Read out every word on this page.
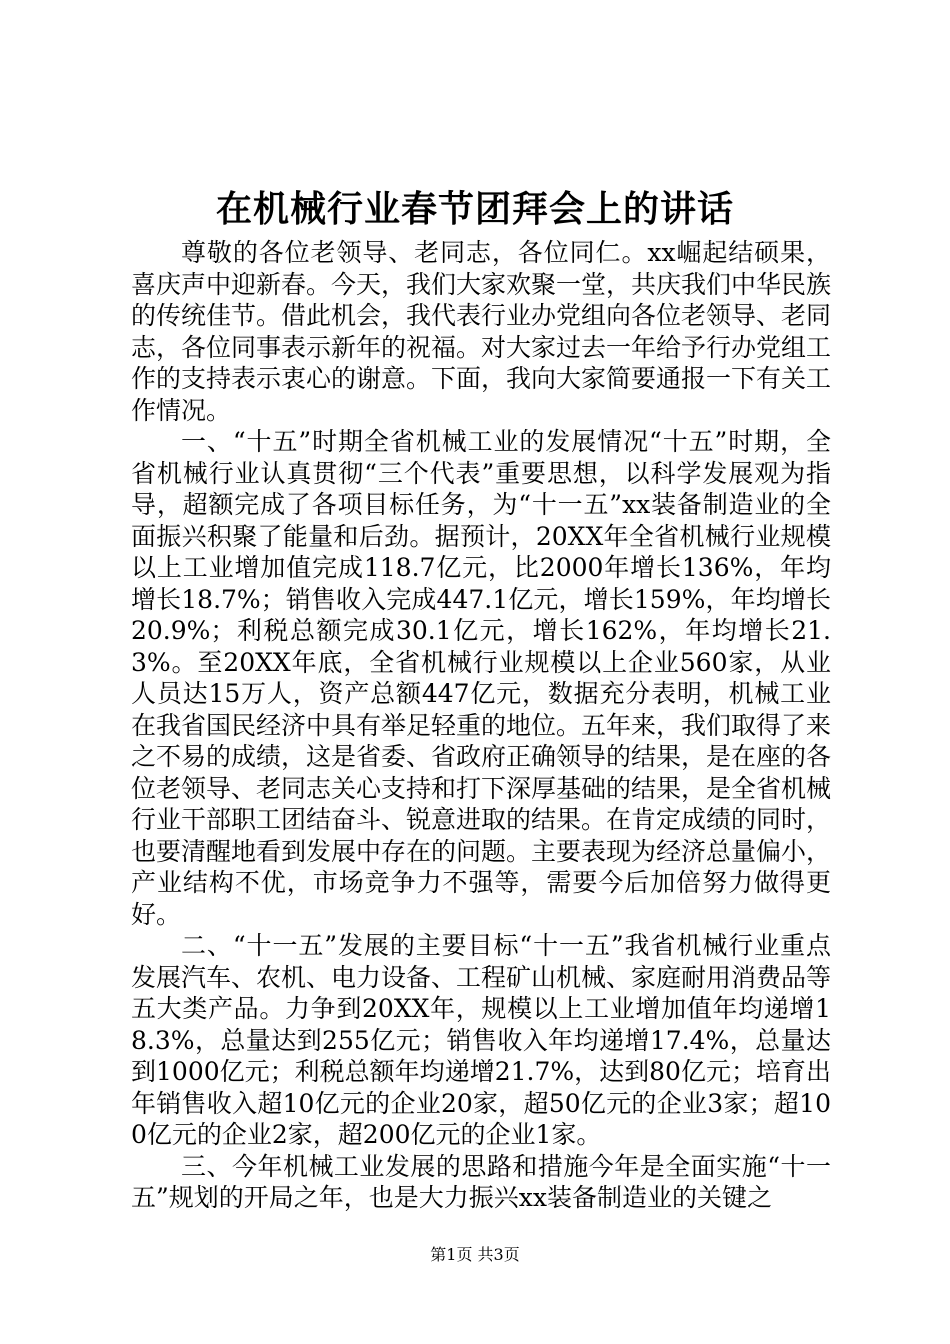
在机械行业春节团拜会上的讲话

尊敬的各位老领导、老同志，各位同仁。xx崛起结硕果，喜庆声中迎新春。今天，我们大家欢聚一堂，共庆我们中华民族的传统佳节。借此机会，我代表行业办党组向各位老领导、老同志，各位同事表示新年的祝福。对大家过去一年给予行办党组工作的支持表示衷心的谢意。下面，我向大家简要通报一下有关工作情况。

一、“十五”时期全省机械工业的发展情况“十五”时期，全省机械行业认真贯彻“三个代表”重要思想，以科学发展观为指导，超额完成了各项目标任务，为“十一五”xx装备制造业的全面振兴积聚了能量和后劲。据预计，20XX年全省机械行业规模以上工业增加值完成118.7亿元，比2000年增长136%，年均增长18.7%；销售收入完成447.1亿元，增长159%，年均增长20.9%；利税总额完成30.1亿元，增长162%，年均增长21.3%。至20XX年底，全省机械行业规模以上企业560家，从业人员达15万人，资产总额447亿元，数据充分表明，机械工业在我省国民经济中具有举足轻重的地位。五年来，我们取得了来之不易的成绩，这是省委、省政府正确领导的结果，是在座的各位老领导、老同志关心支持和打下深厚基础的结果，是全省机械行业干部职工团结奋斗、锐意进取的结果。在肯定成绩的同时，也要清醒地看到发展中存在的问题。主要表现为经济总量偏小，产业结构不优，市场竞争力不强等，需要今后加倍努力做得更好。

二、“十一五”发展的主要目标“十一五”我省机械行业重点发展汽车、农机、电力设备、工程矿山机械、家庭耐用消费品等五大类产品。力争到20XX年，规模以上工业增加值年均递增18.3%，总量达到255亿元；销售收入年均递增17.4%，总量达到1000亿元；利税总额年均递增21.7%，达到80亿元；培育出年销售收入超10亿元的企业20家，超50亿元的企业3家；超100亿元的企业2家，超200亿元的企业1家。

三、今年机械工业发展的思路和措施今年是全面实施“十一五”规划的开局之年，也是大力振兴xx装备制造业的关键之

第1页 共3页
